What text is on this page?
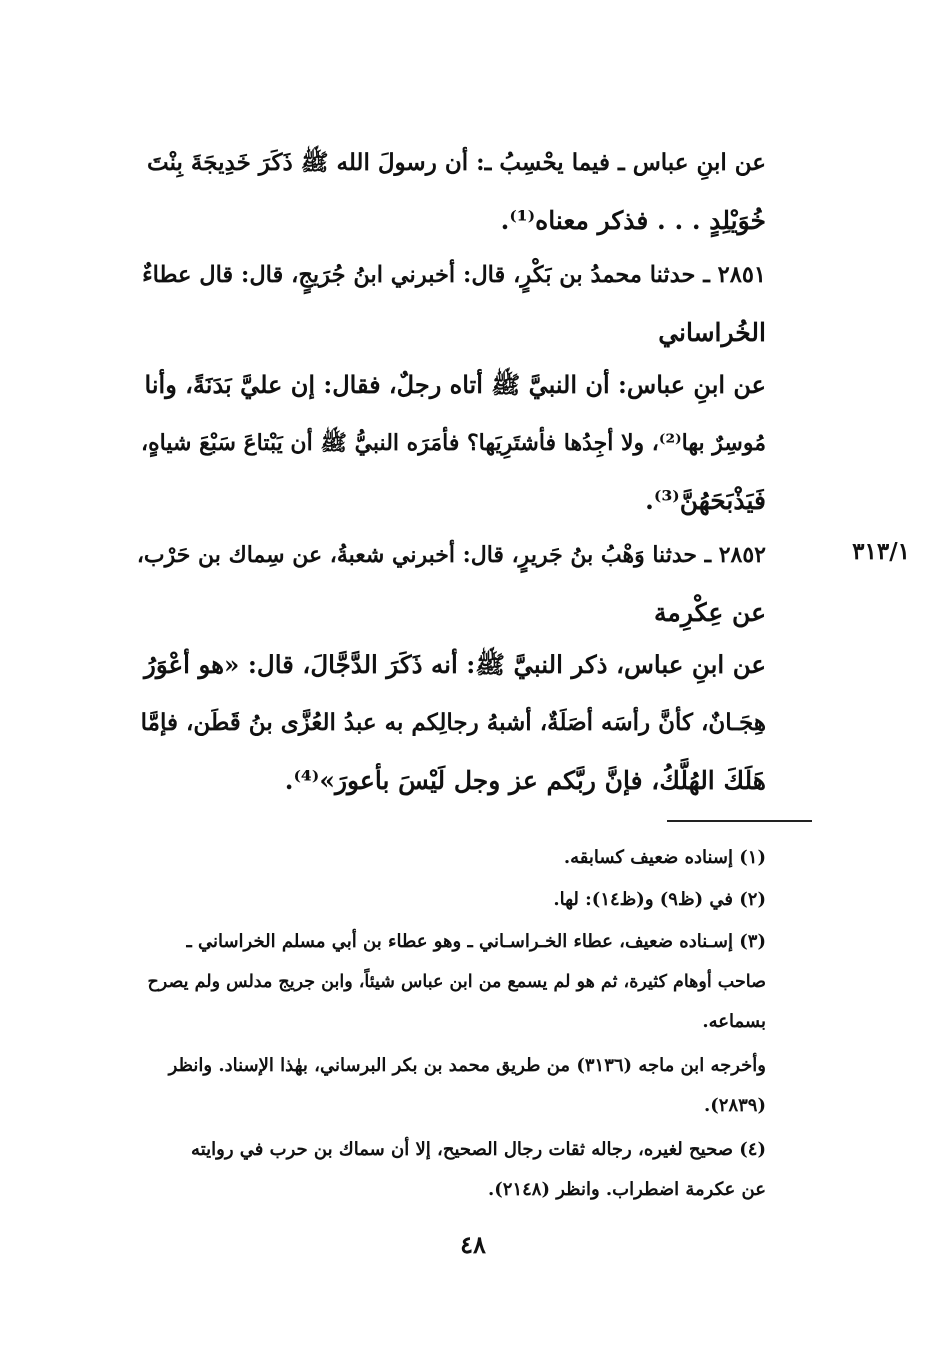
عن ابنِ عباس ـ فيما يحْسِبُ ـ: أن رسولَ الله ﷺ ذَكَرَ خَدِيجَةَ بِنْتَ
خُوَيْلِدٍ . . . فذكر معناه⁽¹⁾.
٢٨٥١ ـ حدثنا محمدُ بن بَكْرٍ، قال: أخبرني ابنُ جُرَيجٍ، قال: قال عطاءٌ
الخُراساني
عن ابنِ عباس: أن النبيَّ ﷺ أتاه رجلٌ، فقال: إن عليَّ بَدَنَةً، وأنا
مُوسِرٌ بها⁽²⁾، ولا أجِدُها فأشتَرِيَها؟ فأمَرَه النبيُّ ﷺ أن يَبْتاعَ سَبْعَ شياهٍ،
فَيَذْبَحَهُنَّ⁽³⁾.
٣١٣/١
٢٨٥٢ ـ حدثنا وَهْبُ بنُ جَريرٍ، قال: أخبرني شعبةُ، عن سِماك بن حَرْب،
عن عِكْرِمة
عن ابنِ عباس، ذكر النبيَّ ﷺ: أنه ذَكَرَ الدَّجَّالَ، قال: «هو أعْوَرُ
هِجَـانٌ، كأنَّ رأسَه أصَلَةٌ، أشبهُ رجالِكم به عبدُ العُزَّى بنُ قَطَن، فإمَّا
هَلَكَ الهُلَّكُ، فإنَّ ربَّكم عز وجل لَيْسَ بأعورَ»⁽⁴⁾.
(١) إسناده ضعيف كسابقه.
(٢) في (ظ٩) و(ظ١٤): لها.
(٣) إسـناده ضعيف، عطاء الخـراسـاني ـ وهو عطاء بن أبي مسلم الخراساني ـ
صاحب أوهام كثيرة، ثم هو لم يسمع من ابن عباس شيئاً، وابن جريج مدلس ولم يصرح
بسماعه.
وأخرجه ابن ماجه (٣١٣٦) من طريق محمد بن بكر البرساني، بهٰذا الإسناد. وانظر
(٢٨٣٩).
(٤) صحيح لغيره، رجاله ثقات رجال الصحيح، إلا أن سماك بن حرب في روايته
عن عكرمة اضطراب. وانظر (٢١٤٨).
٤٨
